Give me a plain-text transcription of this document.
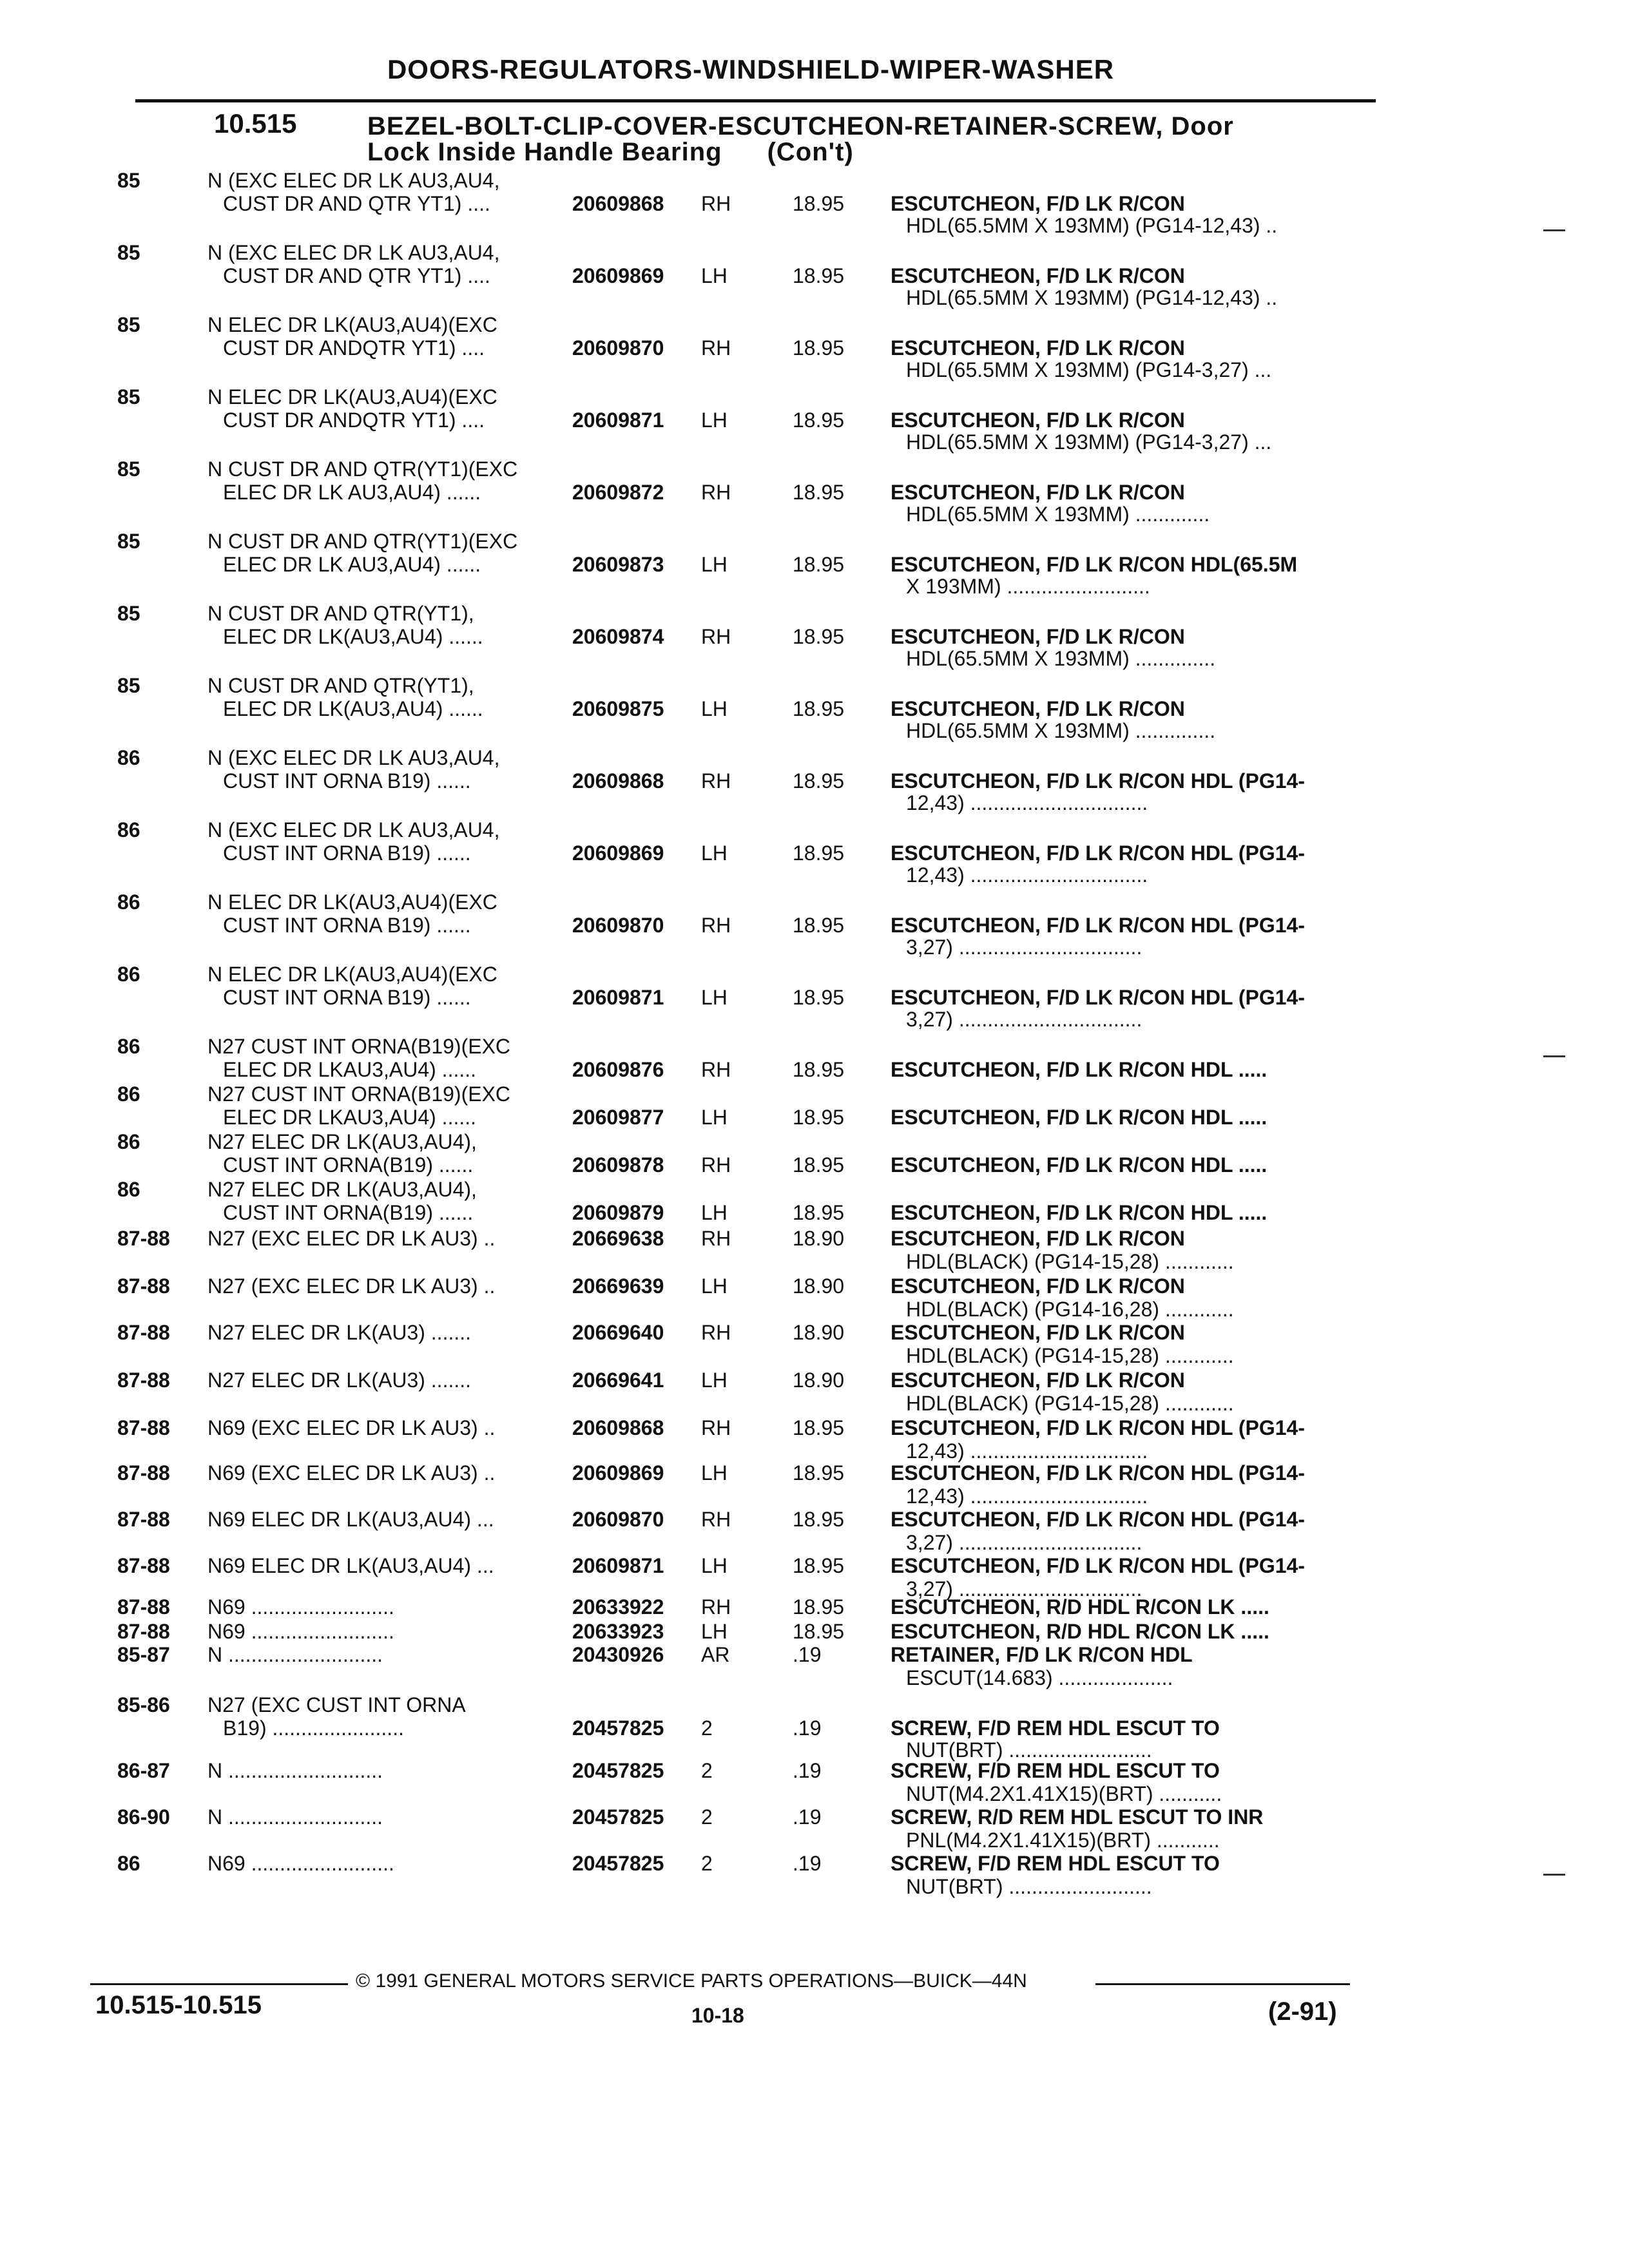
DOORS-REGULATORS-WINDSHIELD-WIPER-WASHER
10.515	BEZEL-BOLT-CLIP-COVER-ESCUTCHEON-RETAINER-SCREW, Door
Lock Inside Handle Bearing (Con't)
85	N (EXC ELEC DR LK AU3,AU4,
CUST DR AND QTR YT1) ....	20609868 RH	18.95 ESCUTCHEON, F/D LK R/CON
HDL(65.5MM X 193MM) (PG14-12,43) ..
85	N (EXC ELEC DR LK AU3,AU4,
CUST DR AND QTR YT1) ....	20609869 LH	18.95 ESCUTCHEON, F/D LK R/CON
HDL(65.5MM X 193MM) (PG14-12,43) ..
85	N ELEC DR LK(AU3,AU4)(EXC
CUST DR ANDQTR YT1) ....	20609870 RH	18.95 ESCUTCHEON, F/D LK R/CON
HDL(65.5MM X 193MM) (PG14-3,27) ...
85	N ELEC DR LK(AU3,AU4)(EXC
CUST DR ANDQTR YT1) ....	20609871 LH	18.95 ESCUTCHEON, F/D LK R/CON
HDL(65.5MM X 193MM) (PG14-3,27) ...
85	N CUST DR AND QTR(YT1)(EXC
ELEC DR LK AU3,AU4) ......	20609872 RH	18.95 ESCUTCHEON, F/D LK R/CON
HDL(65.5MM X 193MM) .............
85	N CUST DR AND QTR(YT1)(EXC
ELEC DR LK AU3,AU4) ......	20609873 LH	18.95 ESCUTCHEON, F/D LK R/CON HDL(65.5M
X 193MM) .........................
85	N CUST DR AND QTR(YT1),
ELEC DR LK(AU3,AU4) ......	20609874 RH	18.95 ESCUTCHEON, F/D LK R/CON
HDL(65.5MM X 193MM) ..............
85	N CUST DR AND QTR(YT1),
ELEC DR LK(AU3,AU4) ......	20609875 LH	18.95 ESCUTCHEON, F/D LK R/CON
HDL(65.5MM X 193MM) ..............
86	N (EXC ELEC DR LK AU3,AU4,
CUST INT ORNA B19) ......	20609868 RH	18.95 ESCUTCHEON, F/D LK R/CON HDL (PG14-
12,43) ...............................
86	N (EXC ELEC DR LK AU3,AU4,
CUST INT ORNA B19) ......	20609869 LH	18.95 ESCUTCHEON, F/D LK R/CON HDL (PG14-
12,43) ...............................
86	N ELEC DR LK(AU3,AU4)(EXC
CUST INT ORNA B19) ......	20609870 RH	18.95 ESCUTCHEON, F/D LK R/CON HDL (PG14-
3,27) ................................
86	N ELEC DR LK(AU3,AU4)(EXC
CUST INT ORNA B19) ......	20609871 LH	18.95 ESCUTCHEON, F/D LK R/CON HDL (PG14-
3,27) ................................
86	N27 CUST INT ORNA(B19)(EXC
ELEC DR LKAU3,AU4) ......	20609876 RH	18.95 ESCUTCHEON, F/D LK R/CON HDL .....
86	N27 CUST INT ORNA(B19)(EXC
ELEC DR LKAU3,AU4) ......	20609877 LH	18.95 ESCUTCHEON, F/D LK R/CON HDL .....
86	N27 ELEC DR LK(AU3,AU4),
CUST INT ORNA(B19) ......	20609878 RH	18.95 ESCUTCHEON, F/D LK R/CON HDL .....
86	N27 ELEC DR LK(AU3,AU4),
CUST INT ORNA(B19) ......	20609879 LH	18.95 ESCUTCHEON, F/D LK R/CON HDL .....
87-88 N27 (EXC ELEC DR LK AU3) ..	20669638 RH	18.90 ESCUTCHEON, F/D LK R/CON
HDL(BLACK) (PG14-15,28) ............
87-88 N27 (EXC ELEC DR LK AU3) ..	20669639 LH	18.90 ESCUTCHEON, F/D LK R/CON
HDL(BLACK) (PG14-16,28) ............
87-88 N27 ELEC DR LK(AU3) .......	20669640 RH	18.90 ESCUTCHEON, F/D LK R/CON
HDL(BLACK) (PG14-15,28) ............
87-88 N27 ELEC DR LK(AU3) .......	20669641 LH	18.90 ESCUTCHEON, F/D LK R/CON
HDL(BLACK) (PG14-15,28) ............
87-88 N69 (EXC ELEC DR LK AU3) ..	20609868 RH	18.95 ESCUTCHEON, F/D LK R/CON HDL (PG14-
12,43) ...............................
87-88 N69 (EXC ELEC DR LK AU3) ..	20609869 LH	18.95 ESCUTCHEON, F/D LK R/CON HDL (PG14-
12,43) ...............................
87-88 N69 ELEC DR LK(AU3,AU4) ...	20609870 RH	18.95 ESCUTCHEON, F/D LK R/CON HDL (PG14-
3,27) ................................
87-88 N69 ELEC DR LK(AU3,AU4) ...	20609871 LH	18.95 ESCUTCHEON, F/D LK R/CON HDL (PG14-
3,27) ................................
87-88 N69 .........................	20633922 RH	18.95 ESCUTCHEON, R/D HDL R/CON LK .....
87-88 N69 .........................	20633923 LH	18.95 ESCUTCHEON, R/D HDL R/CON LK .....
85-87 N ...........................	20430926 AR	.19	RETAINER, F/D LK R/CON HDL
ESCUT(14.683) ....................
85-86 N27 (EXC CUST INT ORNA
B19) .......................	20457825 2	.19	SCREW, F/D REM HDL ESCUT TO
NUT(BRT) .........................
86-87 N ...........................	20457825 2	.19	SCREW, F/D REM HDL ESCUT TO
NUT(M4.2X1.41X15)(BRT) ...........
86-90 N ...........................	20457825 2	.19	SCREW, R/D REM HDL ESCUT TO INR
PNL(M4.2X1.41X15)(BRT) ...........
86	N69 .........................	20457825 2	.19	SCREW, F/D REM HDL ESCUT TO
NUT(BRT) .........................
© 1991 GENERAL MOTORS SERVICE PARTS OPERATIONS—BUICK—44N
10.515-10.515	10-18	(2-91)
